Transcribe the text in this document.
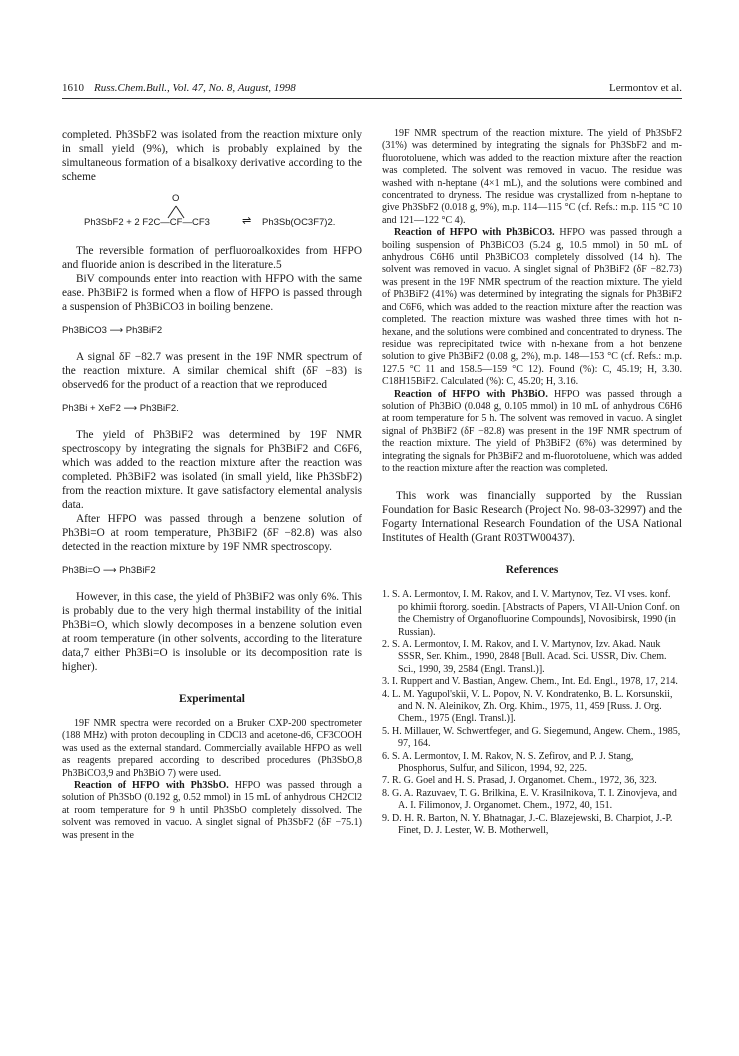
1610 Russ.Chem.Bull., Vol. 47, No. 8, August, 1998	Lermontov et al.

completed. Ph3SbF2 was isolated from the reaction mixture only in small yield (9%), which is probably explained by the simultaneous formation of a bisalkoxy derivative according to the scheme

O
Ph3SbF2 + 2 F2C—CF—CF3	⇌ Ph3Sb(OC3F7)2.

The reversible formation of perfluoroalkoxides from HFPO and fluoride anion is described in the literature.5

BiV compounds enter into reaction with HFPO with the same ease. Ph3BiF2 is formed when a flow of HFPO is passed through a suspension of Ph3BiCO3 in boiling benzene.

Ph3BiCO3 ⟶ Ph3BiF2

A signal δF −82.7 was present in the 19F NMR spectrum of the reaction mixture. A similar chemical shift (δF −83) is observed6 for the product of a reaction that we reproduced

Ph3Bi + XeF2 ⟶ Ph3BiF2.

The yield of Ph3BiF2 was determined by 19F NMR spectroscopy by integrating the signals for Ph3BiF2 and C6F6, which was added to the reaction mixture after the reaction was completed. Ph3BiF2 was isolated (in small yield, like Ph3SbF2) from the reaction mixture. It gave satisfactory elemental analysis data.

After HFPO was passed through a benzene solution of Ph3Bi=O at room temperature, Ph3BiF2 (δF −82.8) was also detected in the reaction mixture by 19F NMR spectroscopy.

Ph3Bi=O ⟶ Ph3BiF2

However, in this case, the yield of Ph3BiF2 was only 6%. This is probably due to the very high thermal instability of the initial Ph3Bi=O, which slowly decomposes in a benzene solution even at room temperature (in other solvents, according to the literature data,7 either Ph3Bi=O is insoluble or its decomposition rate is higher).

Experimental

19F NMR spectra were recorded on a Bruker CXP-200 spectrometer (188 MHz) with proton decoupling in CDCl3 and acetone-d6, CF3COOH was used as the external standard. Commercially available HFPO as well as reagents prepared according to described procedures (Ph3SbO,8 Ph3BiCO3,9 and Ph3BiO 7) were used.

Reaction of HFPO with Ph3SbO. HFPO was passed through a solution of Ph3SbO (0.192 g, 0.52 mmol) in 15 mL of anhydrous CH2Cl2 at room temperature for 9 h until Ph3SbO completely dissolved. The solvent was removed in vacuo. A singlet signal of Ph3SbF2 (δF −75.1) was present in the

19F NMR spectrum of the reaction mixture. The yield of Ph3SbF2 (31%) was determined by integrating the signals for Ph3SbF2 and m-fluorotoluene, which was added to the reaction mixture after the reaction was completed. The solvent was removed in vacuo. The residue was washed with n-heptane (4×1 mL), and the solutions were combined and concentrated to dryness. The residue was crystallized from n-heptane to give Ph3SbF2 (0.018 g, 9%), m.p. 114—115 °C (cf. Refs.: m.p. 115 °C 10 and 121—122 °C 4).

Reaction of HFPO with Ph3BiCO3. HFPO was passed through a boiling suspension of Ph3BiCO3 (5.24 g, 10.5 mmol) in 50 mL of anhydrous C6H6 until Ph3BiCO3 completely dissolved (14 h). The solvent was removed in vacuo. A singlet signal of Ph3BiF2 (δF −82.73) was present in the 19F NMR spectrum of the reaction mixture. The yield of Ph3BiF2 (41%) was determined by integrating the signals for Ph3BiF2 and C6F6, which was added to the reaction mixture after the reaction was completed. The reaction mixture was washed three times with hot n-hexane, and the solutions were combined and concentrated to dryness. The residue was reprecipitated twice with n-hexane from a hot benzene solution to give Ph3BiF2 (0.08 g, 2%), m.p. 148—153 °C (cf. Refs.: m.p. 127.5 °C 11 and 158.5—159 °C 12). Found (%): C, 45.19; H, 3.30. C18H15BiF2. Calculated (%): C, 45.20; H, 3.16.

Reaction of HFPO with Ph3BiO. HFPO was passed through a solution of Ph3BiO (0.048 g, 0.105 mmol) in 10 mL of anhydrous C6H6 at room temperature for 5 h. The solvent was removed in vacuo. A singlet signal of Ph3BiF2 (δF −82.8) was present in the 19F NMR spectrum of the reaction mixture. The yield of Ph3BiF2 (6%) was determined by integrating the signals for Ph3BiF2 and m-fluorotoluene, which was added to the reaction mixture after the reaction was completed.

This work was financially supported by the Russian Foundation for Basic Research (Project No. 98-03-32997) and the Fogarty International Research Foundation of the USA National Institutes of Health (Grant R03TW00437).

References
1. S. A. Lermontov, I. M. Rakov, and I. V. Martynov, Tez. VI vses. konf. po khimii ftororg. soedin. [Abstracts of Papers, VI All-Union Conf. on the Chemistry of Organofluorine Compounds], Novosibirsk, 1990 (in Russian).
2. S. A. Lermontov, I. M. Rakov, and I. V. Martynov, Izv. Akad. Nauk SSSR, Ser. Khim., 1990, 2848 [Bull. Acad. Sci. USSR, Div. Chem. Sci., 1990, 39, 2584 (Engl. Transl.)].
3. I. Ruppert and V. Bastian, Angew. Chem., Int. Ed. Engl., 1978, 17, 214.
4. L. M. Yagupol'skii, V. L. Popov, N. V. Kondratenko, B. L. Korsunskii, and N. N. Aleinikov, Zh. Org. Khim., 1975, 11, 459 [Russ. J. Org. Chem., 1975 (Engl. Transl.)].
5. H. Millauer, W. Schwertfeger, and G. Siegemund, Angew. Chem., 1985, 97, 164.
6. S. A. Lermontov, I. M. Rakov, N. S. Zefirov, and P. J. Stang, Phosphorus, Sulfur, and Silicon, 1994, 92, 225.
7. R. G. Goel and H. S. Prasad, J. Organomet. Chem., 1972, 36, 323.
8. G. A. Razuvaev, T. G. Brilkina, E. V. Krasilnikova, T. I. Zinovjeva, and A. I. Filimonov, J. Organomet. Chem., 1972, 40, 151.
9. D. H. R. Barton, N. Y. Bhatnagar, J.-C. Blazejewski, B. Charpiot, J.-P. Finet, D. J. Lester, W. B. Motherwell,
